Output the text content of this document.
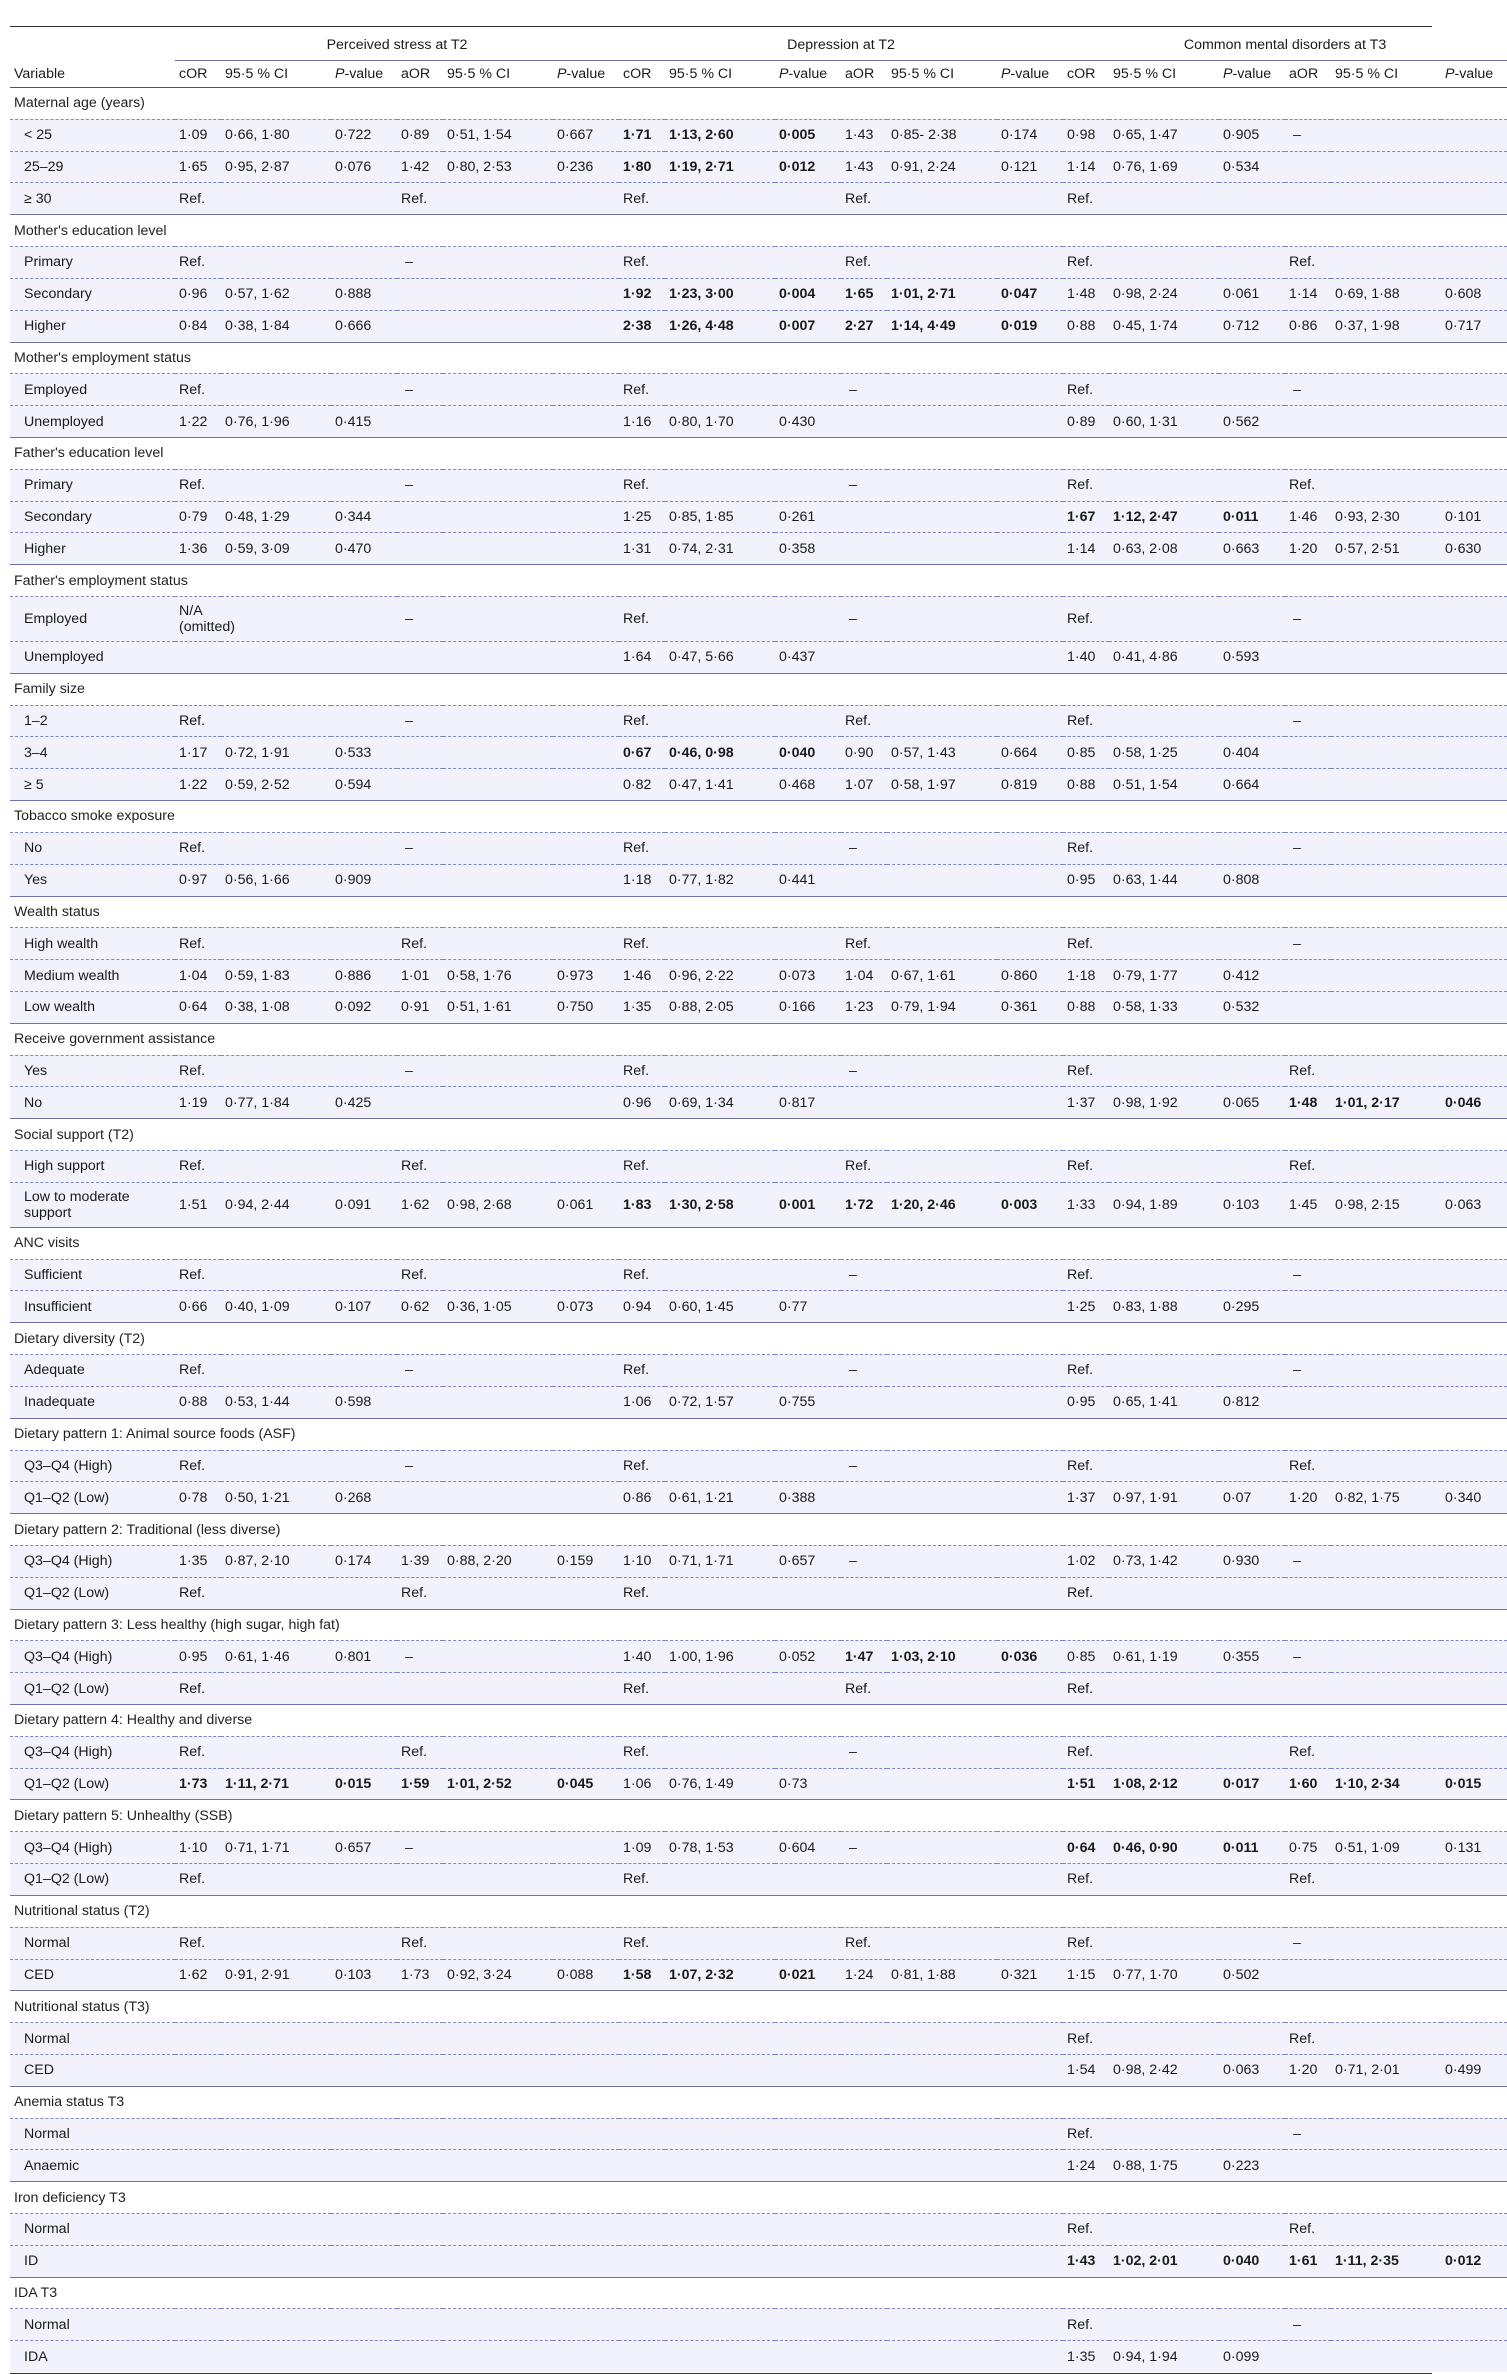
	Perceived stress at T2						Depression at T2						Common mental disorders at T3					
Variable	cOR	95·5 % CI	P-value	aOR	95·5 % CI	P-value	cOR	95·5 % CI	P-value	aOR	95·5 % CI	P-value	cOR	95·5 % CI	P-value	aOR	95·5 % CI	P-value
Maternal age (years)																		
< 25	1·09	0·66, 1·80	0·722	0·89	0·51, 1·54	0·667	1·71	1·13, 2·60	0·005	1·43	0·85- 2·38	0·174	0·98	0·65, 1·47	0·905	–		
25–29	1·65	0·95, 2·87	0·076	1·42	0·80, 2·53	0·236	1·80	1·19, 2·71	0·012	1·43	0·91, 2·24	0·121	1·14	0·76, 1·69	0·534			
≥ 30	Ref.			Ref.			Ref.			Ref.			Ref.					
Mother's education level																		
Primary	Ref.			–			Ref.			Ref.			Ref.			Ref.		
Secondary	0·96	0·57, 1·62	0·888				1·92	1·23, 3·00	0·004	1·65	1·01, 2·71	0·047	1·48	0·98, 2·24	0·061	1·14	0·69, 1·88	0·608
Higher	0·84	0·38, 1·84	0·666				2·38	1·26, 4·48	0·007	2·27	1·14, 4·49	0·019	0·88	0·45, 1·74	0·712	0·86	0·37, 1·98	0·717
Mother's employment status																		
Employed	Ref.			–			Ref.			–			Ref.			–		
Unemployed	1·22	0·76, 1·96	0·415				1·16	0·80, 1·70	0·430				0·89	0·60, 1·31	0·562			
Father's education level																		
Primary	Ref.			–			Ref.			–			Ref.			Ref.		
Secondary	0·79	0·48, 1·29	0·344				1·25	0·85, 1·85	0·261				1·67	1·12, 2·47	0·011	1·46	0·93, 2·30	0·101
Higher	1·36	0·59, 3·09	0·470				1·31	0·74, 2·31	0·358				1·14	0·63, 2·08	0·663	1·20	0·57, 2·51	0·630
Father's employment status																		
Employed	N/A (omitted)			–			Ref.			–			Ref.			–		
Unemployed							1·64	0·47, 5·66	0·437				1·40	0·41, 4·86	0·593			
Family size																		
1–2	Ref.			–			Ref.			Ref.			Ref.			–		
3–4	1·17	0·72, 1·91	0·533				0·67	0·46, 0·98	0·040	0·90	0·57, 1·43	0·664	0·85	0·58, 1·25	0·404			
≥ 5	1·22	0·59, 2·52	0·594				0·82	0·47, 1·41	0·468	1·07	0·58, 1·97	0·819	0·88	0·51, 1·54	0·664			
Tobacco smoke exposure																		
No	Ref.			–			Ref.			–			Ref.			–		
Yes	0·97	0·56, 1·66	0·909				1·18	0·77, 1·82	0·441				0·95	0·63, 1·44	0·808			
Wealth status																		
High wealth	Ref.			Ref.			Ref.			Ref.			Ref.			–		
Medium wealth	1·04	0·59, 1·83	0·886	1·01	0·58, 1·76	0·973	1·46	0·96, 2·22	0·073	1·04	0·67, 1·61	0·860	1·18	0·79, 1·77	0·412			
Low wealth	0·64	0·38, 1·08	0·092	0·91	0·51, 1·61	0·750	1·35	0·88, 2·05	0·166	1·23	0·79, 1·94	0·361	0·88	0·58, 1·33	0·532			
Receive government assistance																		
Yes	Ref.			–			Ref.			–			Ref.			Ref.		
No	1·19	0·77, 1·84	0·425				0·96	0·69, 1·34	0·817				1·37	0·98, 1·92	0·065	1·48	1·01, 2·17	0·046
Social support (T2)																		
High support	Ref.			Ref.			Ref.			Ref.			Ref.			Ref.		
Low to moderate support	1·51	0·94, 2·44	0·091	1·62	0·98, 2·68	0·061	1·83	1·30, 2·58	0·001	1·72	1·20, 2·46	0·003	1·33	0·94, 1·89	0·103	1·45	0·98, 2·15	0·063
ANC visits																		
Sufficient	Ref.			Ref.			Ref.			–			Ref.			–		
Insufficient	0·66	0·40, 1·09	0·107	0·62	0·36, 1·05	0·073	0·94	0·60, 1·45	0·77				1·25	0·83, 1·88	0·295			
Dietary diversity (T2)																		
Adequate	Ref.			–			Ref.			–			Ref.			–		
Inadequate	0·88	0·53, 1·44	0·598				1·06	0·72, 1·57	0·755				0·95	0·65, 1·41	0·812			
Dietary pattern 1: Animal source foods (ASF)																		
Q3–Q4 (High)	Ref.			–			Ref.			–			Ref.			Ref.		
Q1–Q2 (Low)	0·78	0·50, 1·21	0·268				0·86	0·61, 1·21	0·388				1·37	0·97, 1·91	0·07	1·20	0·82, 1·75	0·340
Dietary pattern 2: Traditional (less diverse)																		
Q3–Q4 (High)	1·35	0·87, 2·10	0·174	1·39	0·88, 2·20	0·159	1·10	0·71, 1·71	0·657	–			1·02	0·73, 1·42	0·930	–		
Q1–Q2 (Low)	Ref.			Ref.			Ref.						Ref.					
Dietary pattern 3: Less healthy (high sugar, high fat)																		
Q3–Q4 (High)	0·95	0·61, 1·46	0·801	–			1·40	1·00, 1·96	0·052	1·47	1·03, 2·10	0·036	0·85	0·61, 1·19	0·355	–		
Q1–Q2 (Low)	Ref.						Ref.			Ref.			Ref.					
Dietary pattern 4: Healthy and diverse																		
Q3–Q4 (High)	Ref.			Ref.			Ref.			–			Ref.			Ref.		
Q1–Q2 (Low)	1·73	1·11, 2·71	0·015	1·59	1·01, 2·52	0·045	1·06	0·76, 1·49	0·73				1·51	1·08, 2·12	0·017	1·60	1·10, 2·34	0·015
Dietary pattern 5: Unhealthy (SSB)																		
Q3–Q4 (High)	1·10	0·71, 1·71	0·657	–			1·09	0·78, 1·53	0·604	–			0·64	0·46, 0·90	0·011	0·75	0·51, 1·09	0·131
Q1–Q2 (Low)	Ref.						Ref.						Ref.			Ref.		
Nutritional status (T2)																		
Normal	Ref.			Ref.			Ref.			Ref.			Ref.			–		
CED	1·62	0·91, 2·91	0·103	1·73	0·92, 3·24	0·088	1·58	1·07, 2·32	0·021	1·24	0·81, 1·88	0·321	1·15	0·77, 1·70	0·502			
Nutritional status (T3)																		
Normal													Ref.			Ref.		
CED													1·54	0·98, 2·42	0·063	1·20	0·71, 2·01	0·499
Anemia status T3																		
Normal													Ref.			–		
Anaemic													1·24	0·88, 1·75	0·223			
Iron deficiency T3																		
Normal													Ref.			Ref.		
ID													1·43	1·02, 2·01	0·040	1·61	1·11, 2·35	0·012
IDA T3																		
Normal													Ref.			–		
IDA													1·35	0·94, 1·94	0·099			
